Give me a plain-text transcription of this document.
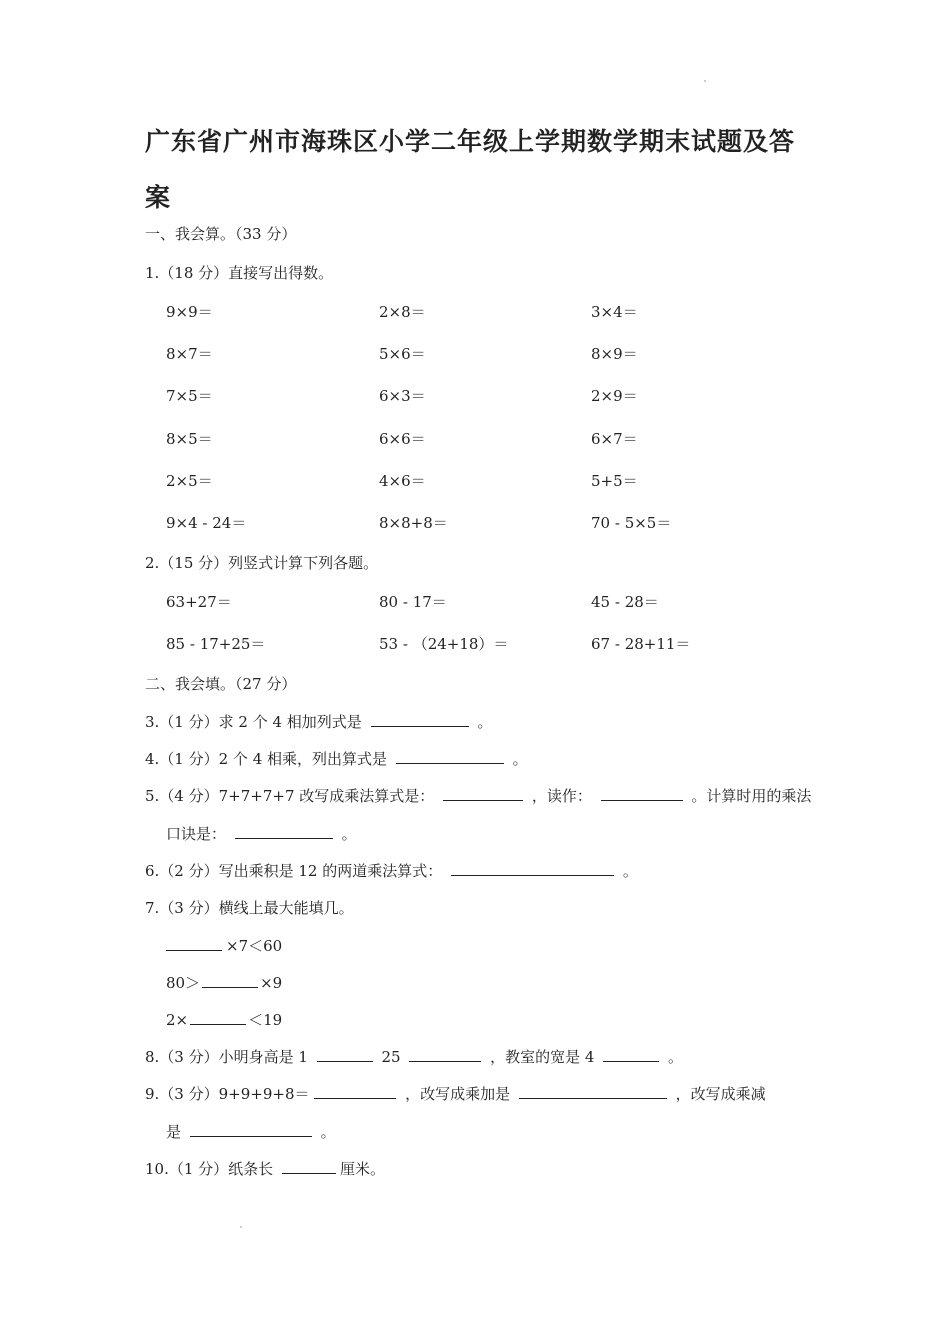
广东省广州市海珠区小学二年级上学期数学期末试题及答案
一、我会算。（33 分）
1.（18 分）直接写出得数。
9×9＝	2×8＝	3×4＝
8×7＝	5×6＝	8×9＝
7×5＝	6×3＝	2×9＝
8×5＝	6×6＝	6×7＝
2×5＝	4×6＝	5+5＝
9×4 - 24＝	8×8+8＝	70 - 5×5＝
2.（15 分）列竖式计算下列各题。
63+27＝	80 - 17＝	45 - 28＝
85 - 17+25＝	53 - （24+18）＝	67 - 28+11＝
二、我会填。（27 分）
3.（1 分）求 2 个 4 相加列式是	。
4.（1 分）2 个 4 相乘，列出算式是	。
5.（4 分）7+7+7+7 改写成乘法算式是：	，读作：	。计算时用的乘法
口诀是：	。
6.（2 分）写出乘积是 12 的两道乘法算式：	。
7.（3 分）横线上最大能填几。
×7＜60
80＞	×9
2×	＜19
8.（3 分）小明身高是 1	25	，教室的宽是 4	。
9.（3 分）9+9+9+8＝	，改写成乘加是	，改写成乘减
是	。
10.（1 分）纸条长	厘米。
